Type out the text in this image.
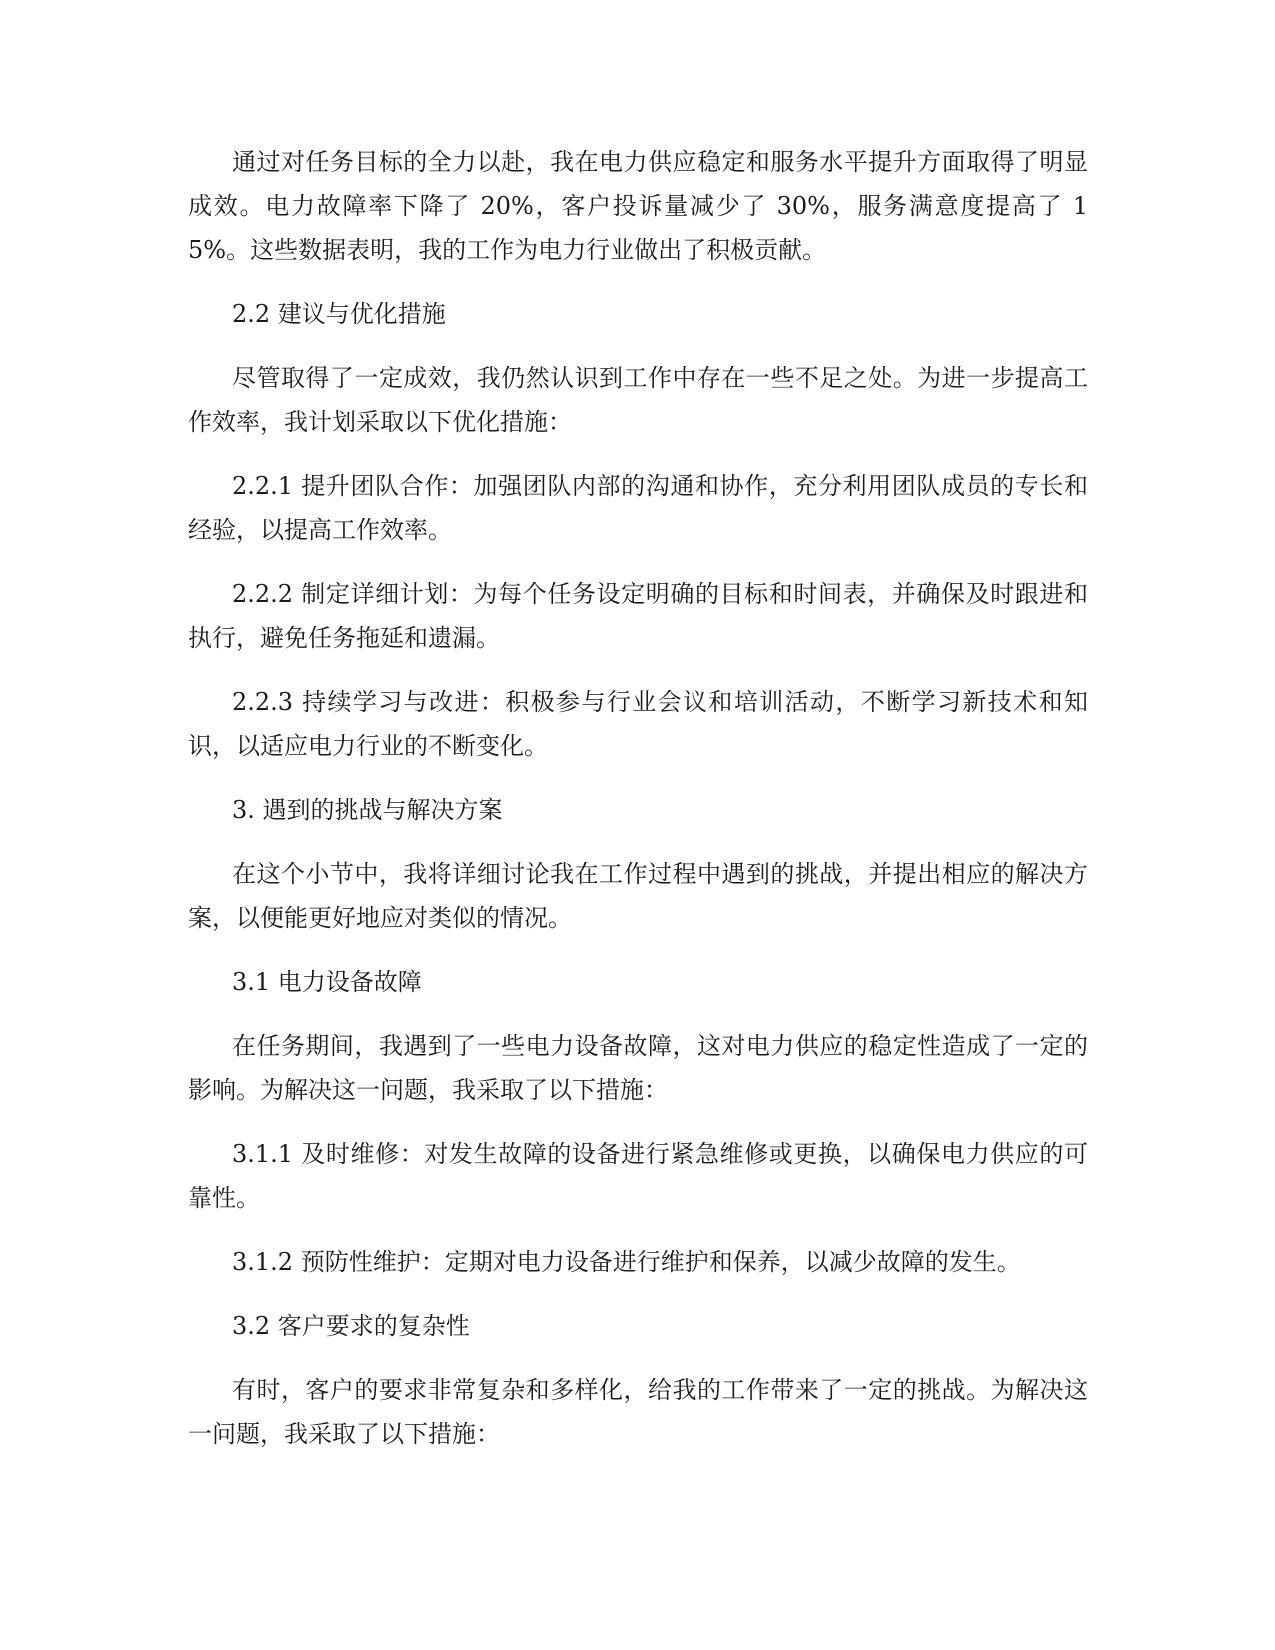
通过对任务目标的全力以赴，我在电力供应稳定和服务水平提升方面取得了明显成效。电力故障率下降了 20%，客户投诉量减少了 30%，服务满意度提高了 15%。这些数据表明，我的工作为电力行业做出了积极贡献。

2.2 建议与优化措施

尽管取得了一定成效，我仍然认识到工作中存在一些不足之处。为进一步提高工作效率，我计划采取以下优化措施：

2.2.1 提升团队合作：加强团队内部的沟通和协作，充分利用团队成员的专长和经验，以提高工作效率。

2.2.2 制定详细计划：为每个任务设定明确的目标和时间表，并确保及时跟进和执行，避免任务拖延和遗漏。

2.2.3 持续学习与改进：积极参与行业会议和培训活动，不断学习新技术和知识，以适应电力行业的不断变化。

3. 遇到的挑战与解决方案

在这个小节中，我将详细讨论我在工作过程中遇到的挑战，并提出相应的解决方案，以便能更好地应对类似的情况。

3.1 电力设备故障

在任务期间，我遇到了一些电力设备故障，这对电力供应的稳定性造成了一定的影响。为解决这一问题，我采取了以下措施：

3.1.1 及时维修：对发生故障的设备进行紧急维修或更换，以确保电力供应的可靠性。

3.1.2 预防性维护：定期对电力设备进行维护和保养，以减少故障的发生。

3.2 客户要求的复杂性

有时，客户的要求非常复杂和多样化，给我的工作带来了一定的挑战。为解决这一问题，我采取了以下措施：
